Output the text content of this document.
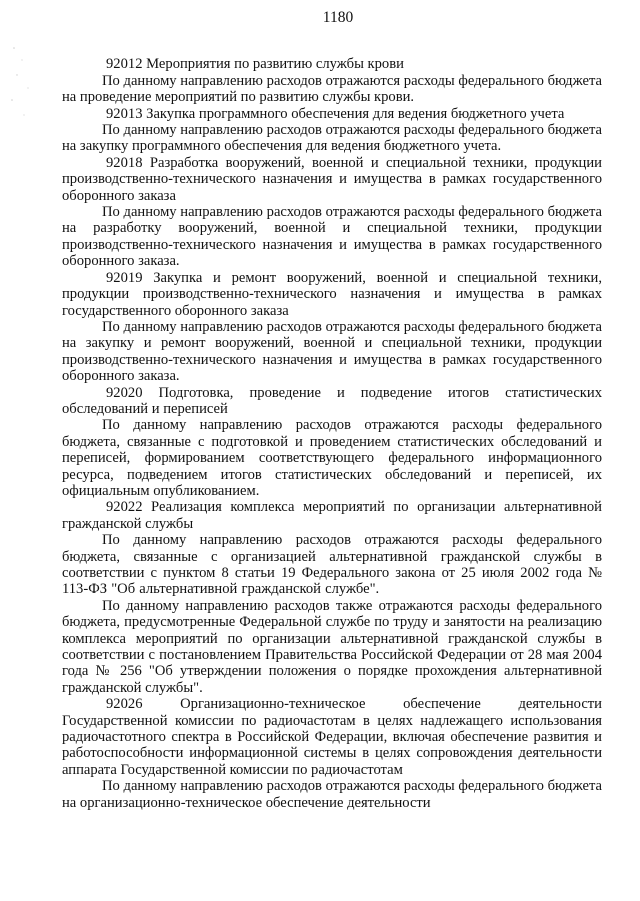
1180

92012 Мероприятия по развитию службы крови

По данному направлению расходов отражаются расходы федерального бюджета на проведение мероприятий по развитию службы крови.

92013 Закупка программного обеспечения для ведения бюджетного учета

По данному направлению расходов отражаются расходы федерального бюджета на закупку программного обеспечения для ведения бюджетного учета.

92018 Разработка вооружений, военной и специальной техники, продукции производственно-технического назначения и имущества в рамках государственного оборонного заказа

По данному направлению расходов отражаются расходы федерального бюджета на разработку вооружений, военной и специальной техники, продукции производственно-технического назначения и имущества в рамках государственного оборонного заказа.

92019 Закупка и ремонт вооружений, военной и специальной техники, продукции производственно-технического назначения и имущества в рамках государственного оборонного заказа

По данному направлению расходов отражаются расходы федерального бюджета на закупку и ремонт вооружений, военной и специальной техники, продукции производственно-технического назначения и имущества в рамках государственного оборонного заказа.

92020 Подготовка, проведение и подведение итогов статистических обследований и переписей

По данному направлению расходов отражаются расходы федерального бюджета, связанные с подготовкой и проведением статистических обследований и переписей, формированием соответствующего федерального информационного ресурса, подведением итогов статистических обследований и переписей, их официальным опубликованием.

92022 Реализация комплекса мероприятий по организации альтернативной гражданской службы

По данному направлению расходов отражаются расходы федерального бюджета, связанные с организацией альтернативной гражданской службы в соответствии с пунктом 8 статьи 19 Федерального закона от 25 июля 2002 года № 113-ФЗ "Об альтернативной гражданской службе".

По данному направлению расходов также отражаются расходы федерального бюджета, предусмотренные Федеральной службе по труду и занятости на реализацию комплекса мероприятий по организации альтернативной гражданской службы в соответствии с постановлением Правительства Российской Федерации от 28 мая 2004 года № 256 "Об утверждении положения о порядке прохождения альтернативной гражданской службы".

92026 Организационно-техническое обеспечение деятельности Государственной комиссии по радиочастотам в целях надлежащего использования радиочастотного спектра в Российской Федерации, включая обеспечение развития и работоспособности информационной системы в целях сопровождения деятельности аппарата Государственной комиссии по радиочастотам

По данному направлению расходов отражаются расходы федерального бюджета на организационно-техническое обеспечение деятельности
